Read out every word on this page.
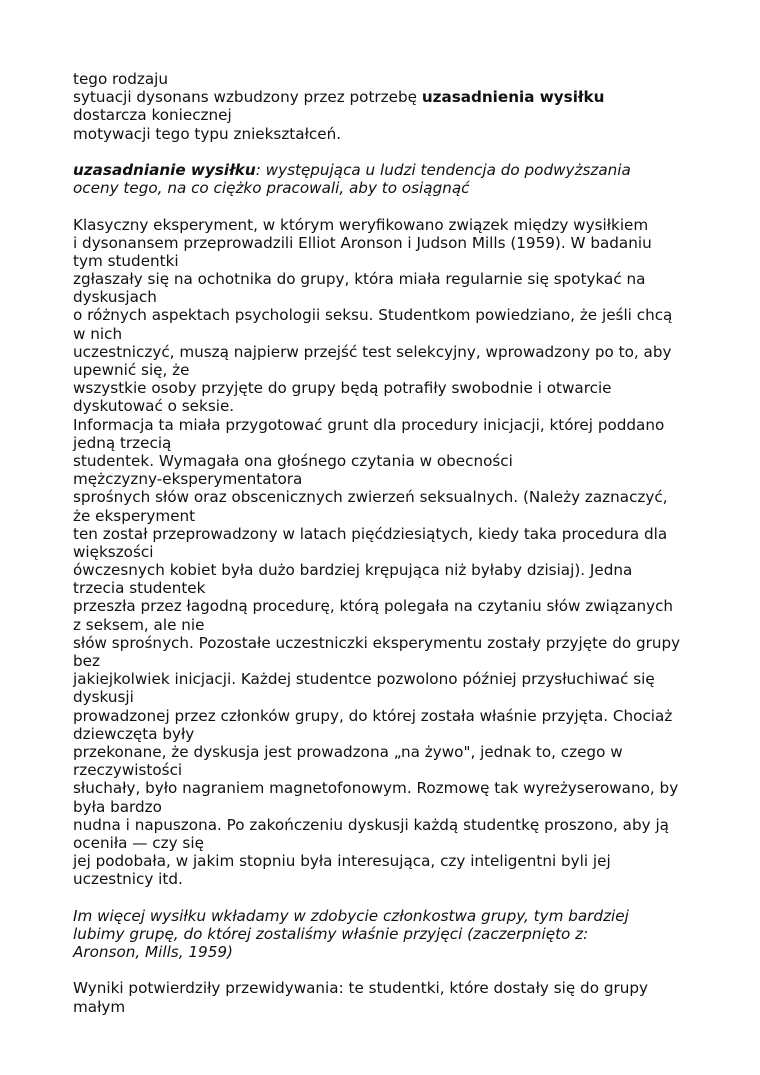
tego rodzaju
sytuacji dysonans wzbudzony przez potrzebę uzasadnienia wysiłku
dostarcza koniecznej
motywacji tego typu zniekształceń.
uzasadnianie wysiłku: występująca u ludzi tendencja do podwyższania
oceny tego, na co ciężko pracowali, aby to osiągnąć
Klasyczny eksperyment, w którym weryfikowano związek między wysiłkiem
i dysonansem przeprowadzili Elliot Aronson i Judson Mills (1959). W badaniu
tym studentki
zgłaszały się na ochotnika do grupy, która miała regularnie się spotykać na
dyskusjach
o różnych aspektach psychologii seksu. Studentkom powiedziano, że jeśli chcą
w nich
uczestniczyć, muszą najpierw przejść test selekcyjny, wprowadzony po to, aby
upewnić się, że
wszystkie osoby przyjęte do grupy będą potrafiły swobodnie i otwarcie
dyskutować o seksie.
Informacja ta miała przygotować grunt dla procedury inicjacji, której poddano
jedną trzecią
studentek. Wymagała ona głośnego czytania w obecności
mężczyzny-eksperymentatora
sprośnych słów oraz obscenicznych zwierzeń seksualnych. (Należy zaznaczyć,
że eksperyment
ten został przeprowadzony w latach pięćdziesiątych, kiedy taka procedura dla
większości
ówczesnych kobiet była dużo bardziej krępująca niż byłaby dzisiaj). Jedna
trzecia studentek
przeszła przez łagodną procedurę, którą polegała na czytaniu słów związanych
z seksem, ale nie
słów sprośnych. Pozostałe uczestniczki eksperymentu zostały przyjęte do grupy
bez
jakiejkolwiek inicjacji. Każdej studentce pozwolono później przysłuchiwać się
dyskusji
prowadzonej przez członków grupy, do której została właśnie przyjęta. Chociaż
dziewczęta były
przekonane, że dyskusja jest prowadzona „na żywo", jednak to, czego w
rzeczywistości
słuchały, było nagraniem magnetofonowym. Rozmowę tak wyreżyserowano, by
była bardzo
nudna i napuszona. Po zakończeniu dyskusji każdą studentkę proszono, aby ją
oceniła — czy się
jej podobała, w jakim stopniu była interesująca, czy inteligentni byli jej
uczestnicy itd.
Im więcej wysiłku wkładamy w zdobycie członkostwa grupy, tym bardziej
lubimy grupę, do której zostaliśmy właśnie przyjęci (zaczerpnięto z:
Aronson, Mills, 1959)
Wyniki potwierdziły przewidywania: te studentki, które dostały się do grupy
małym
